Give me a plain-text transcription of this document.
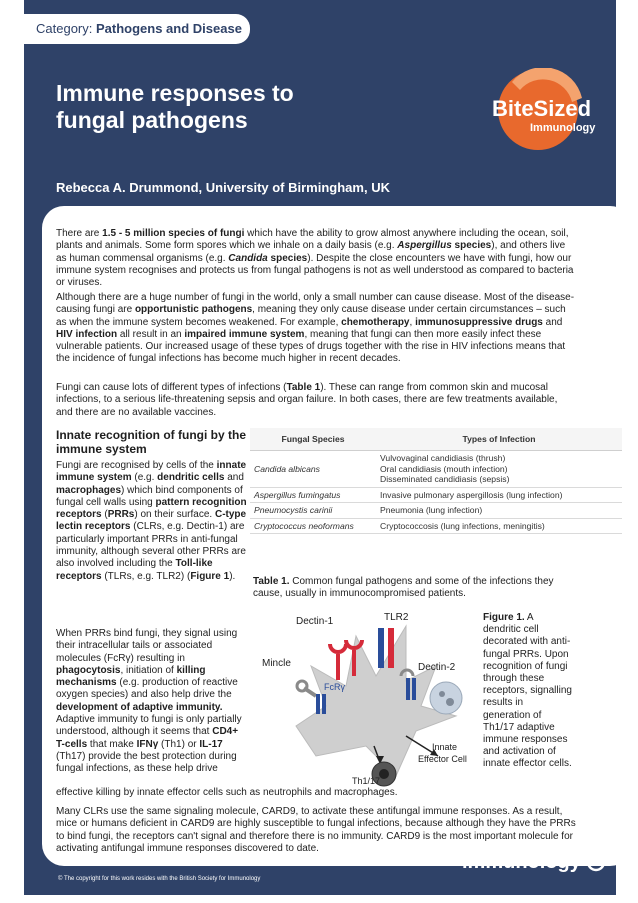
Category: Pathogens and Disease
Immune responses to
fungal pathogens	BiteSized
Immunology
Rebecca A. Drummond, University of Birmingham, UK
There are 1.5 - 5 million species of fungi which have the ability to grow almost anywhere including the ocean, soil, plants and animals. Some form spores which we inhale on a daily basis (e.g. Aspergillus species), and others live as human commensal organisms (e.g. Candida species). Despite the close encounters we have with fungi, how our immune system recognises and protects us from fungal pathogens is not as well understood as compared to bacteria or viruses.
Although there are a huge number of fungi in the world, only a small number can cause disease. Most of the disease-causing fungi are opportunistic pathogens, meaning they only cause disease under certain circumstances – such as when the immune system becomes weakened. For example, chemotherapy, immunosuppressive drugs and HIV infection all result in an impaired immune system, meaning that fungi can then more easily infect these vulnerable patients. Our increased usage of these types of drugs together with the rise in HIV infections means that the incidence of fungal infections has become much higher in recent decades.
Fungi can cause lots of different types of infections (Table 1). These can range from common skin and mucosal infections, to a serious life-threatening sepsis and organ failure. In both cases, there are few treatments available, and there are no available vaccines.
Innate recognition of fungi by the immune system
Fungi are recognised by cells of the innate immune system (e.g. dendritic cells and macrophages) which bind components of fungal cell walls using pattern recognition receptors (PRRs) on their surface. C-type lectin receptors (CLRs, e.g. Dectin-1) are particularly important PRRs in anti-fungal immunity, although several other PRRs are also involved including the Toll-like receptors (TLRs, e.g. TLR2) (Figure 1).
When PRRs bind fungi, they signal using their intracellular tails or associated molecules (FcRγ) resulting in phagocytosis, initiation of killing mechanisms (e.g. production of reactive oxygen species) and also help drive the development of adaptive immunity. Adaptive immunity to fungi is only partially understood, although it seems that CD4+ T-cells that make IFNγ (Th1) or IL-17 (Th17) provide the best protection during fungal infections, as these help drive
effective killing by innate effector cells such as neutrophils and macrophages.
Many CLRs use the same signaling molecule, CARD9, to activate these antifungal immune responses. As a result, mice or humans deficient in CARD9 are highly susceptible to fungal infections, because although they have the PRRs to bind fungi, the receptors can't signal and therefore there is no immunity. CARD9 is the most important molecule for activating antifungal immune responses discovered to date.
Fungal Species	Types of Infection
Candida albicans	Vulvovaginal candidiasis (thrush)
Oral candidiasis (mouth infection)
Disseminated candidiasis (sepsis)

Aspergillus fumingatus	Invasive pulmonary aspergillosis (lung infection)

Pneumocystis carinii	Pneumonia (lung infection)

Cryptococcus neoformans	Cryptococcosis (lung infections, meningitis)
Table 1. Common fungal pathogens and some of the infections they cause, usually in immunocompromised patients.
Dectin-1	TLR2
Mincle
FcRγ
Dectin-2
Innate
Effector Cell
Th1/17
Figure 1. A dendritic cell decorated with anti-fungal PRRs. Upon recognition of fungi through these receptors, signalling results in generation of Th1/17 adaptive immune responses and activation of innate effector cells.
British Society for
immunology
© The copyright for this work resides with the British Society for Immunology
